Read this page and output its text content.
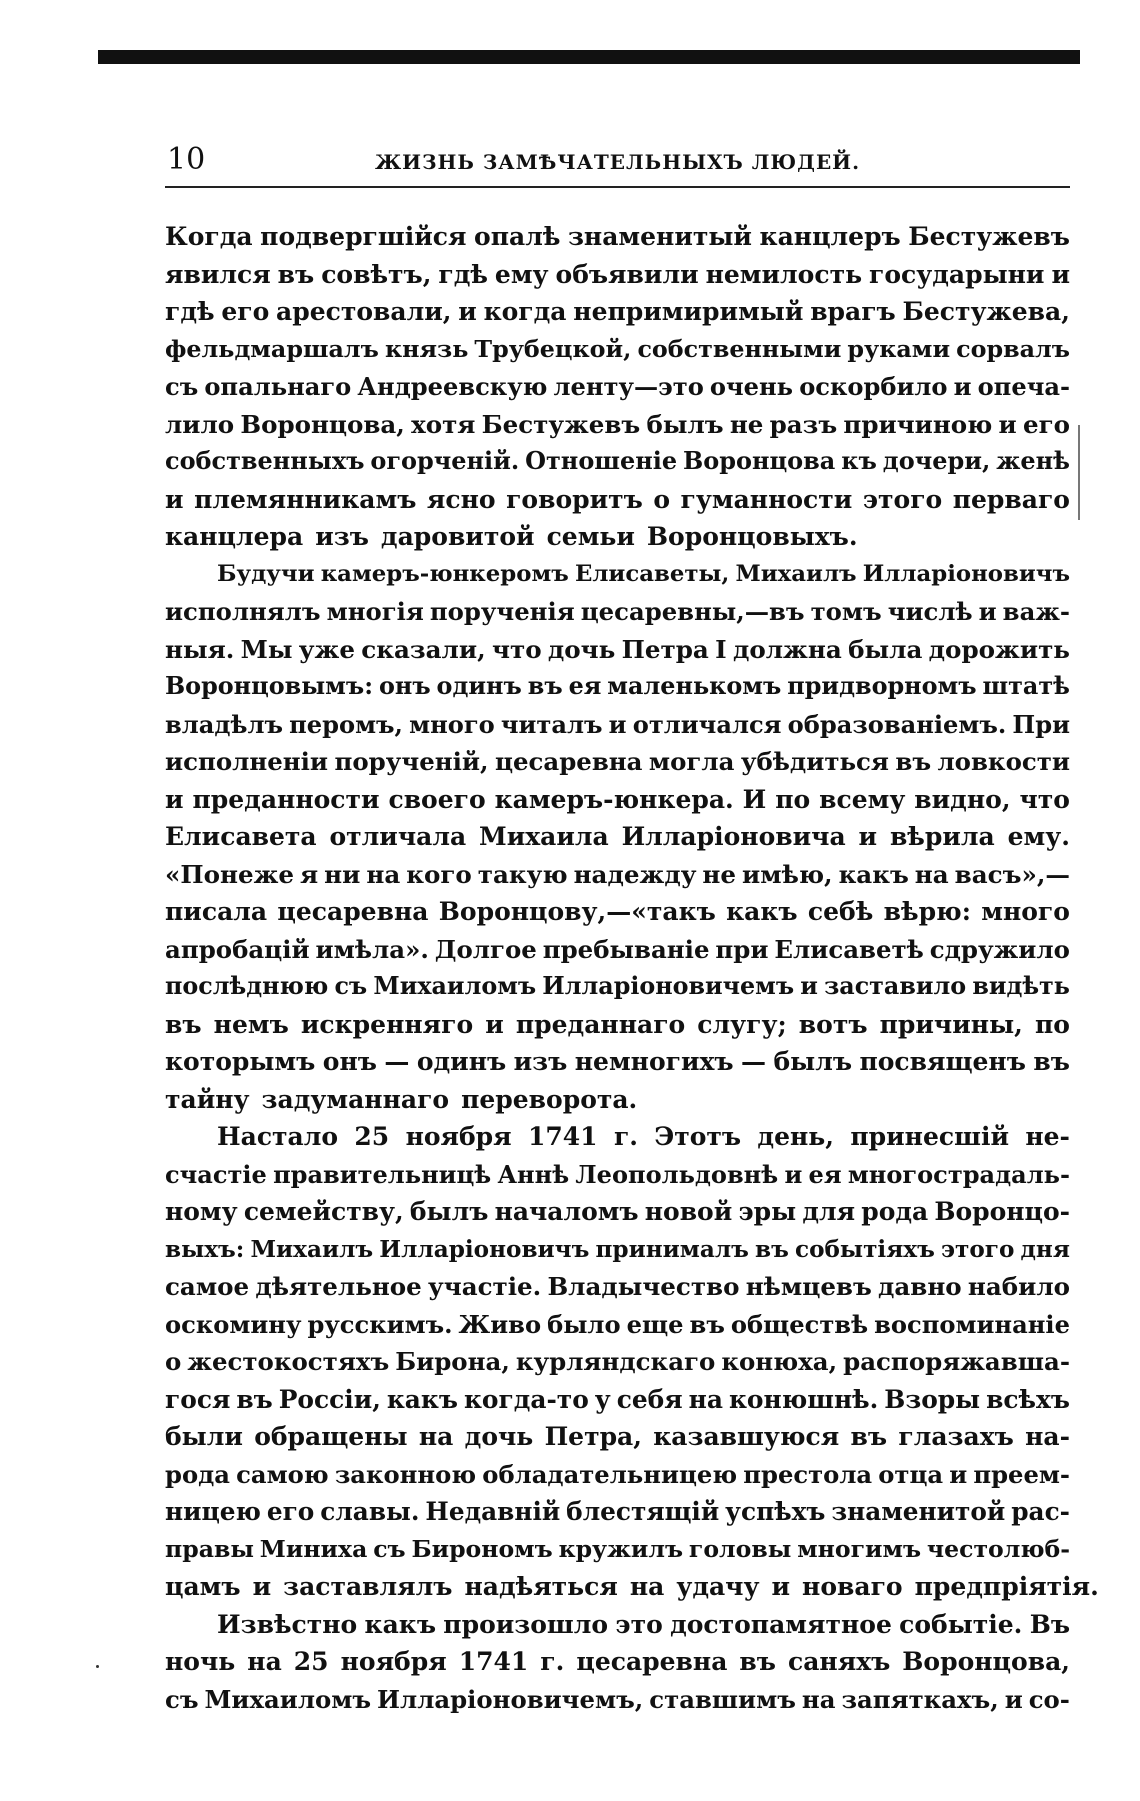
10	ЖИЗНЬ ЗАМѢЧАТЕЛЬНЫХЪ ЛЮДЕЙ.
Когда подвергшійся опалѣ знаменитый канцлеръ Бестужевъ
явился въ совѣтъ, гдѣ ему объявили немилость государыни и
гдѣ его арестовали, и когда непримиримый врагъ Бестужева,
фельдмаршалъ князь Трубецкой, собственными руками сорвалъ
съ опальнаго Андреевскую ленту—это очень оскорбило и опеча-
лило Воронцова, хотя Бестужевъ былъ не разъ причиною и его
собственныхъ огорченій. Отношеніе Воронцова къ дочери, женѣ
и племянникамъ ясно говоритъ о гуманности этого перваго
канцлера изъ даровитой семьи Воронцовыхъ.
Будучи камеръ-юнкеромъ Елисаветы, Михаилъ Илларіоновичъ
исполнялъ многія порученія цесаревны,—въ томъ числѣ и важ-
ныя. Мы уже сказали, что дочь Петра I должна была дорожить
Воронцовымъ: онъ одинъ въ ея маленькомъ придворномъ штатѣ
владѣлъ перомъ, много читалъ и отличался образованіемъ. При
исполненіи порученій, цесаревна могла убѣдиться въ ловкости
и преданности своего камеръ-юнкера. И по всему видно, что
Елисавета отличала Михаила Илларіоновича и вѣрила ему.
«Понеже я ни на кого такую надежду не имѣю, какъ на васъ»,—
писала цесаревна Воронцову,—«такъ какъ себѣ вѣрю: много
апробацій имѣла». Долгое пребываніе при Елисаветѣ сдружило
послѣднюю съ Михаиломъ Илларіоновичемъ и заставило видѣть
въ немъ искренняго и преданнаго слугу; вотъ причины, по
которымъ онъ — одинъ изъ немногихъ — былъ посвященъ въ
тайну задуманнаго переворота.
Настало 25 ноября 1741 г. Этотъ день, принесшій не-
счастіе правительницѣ Аннѣ Леопольдовнѣ и ея многострадаль-
ному семейству, былъ началомъ новой эры для рода Воронцо-
выхъ: Михаилъ Илларіоновичъ принималъ въ событіяхъ этого дня
самое дѣятельное участіе. Владычество нѣмцевъ давно набило
оскомину русскимъ. Живо было еще въ обществѣ воспоминаніе
о жестокостяхъ Бирона, курляндскаго конюха, распоряжавша-
гося въ Россіи, какъ когда-то у себя на конюшнѣ. Взоры всѣхъ
были обращены на дочь Петра, казавшуюся въ глазахъ на-
рода самою законною обладательницею престола отца и преем-
ницею его славы. Недавній блестящій успѣхъ знаменитой рас-
правы Миниха съ Бирономъ кружилъ головы многимъ честолюб-
цамъ и заставлялъ надѣяться на удачу и новаго предпріятія.
Извѣстно какъ произошло это достопамятное событіе. Въ
ночь на 25 ноября 1741 г. цесаревна въ саняхъ Воронцова,
съ Михаиломъ Илларіоновичемъ, ставшимъ на запяткахъ, и со-
